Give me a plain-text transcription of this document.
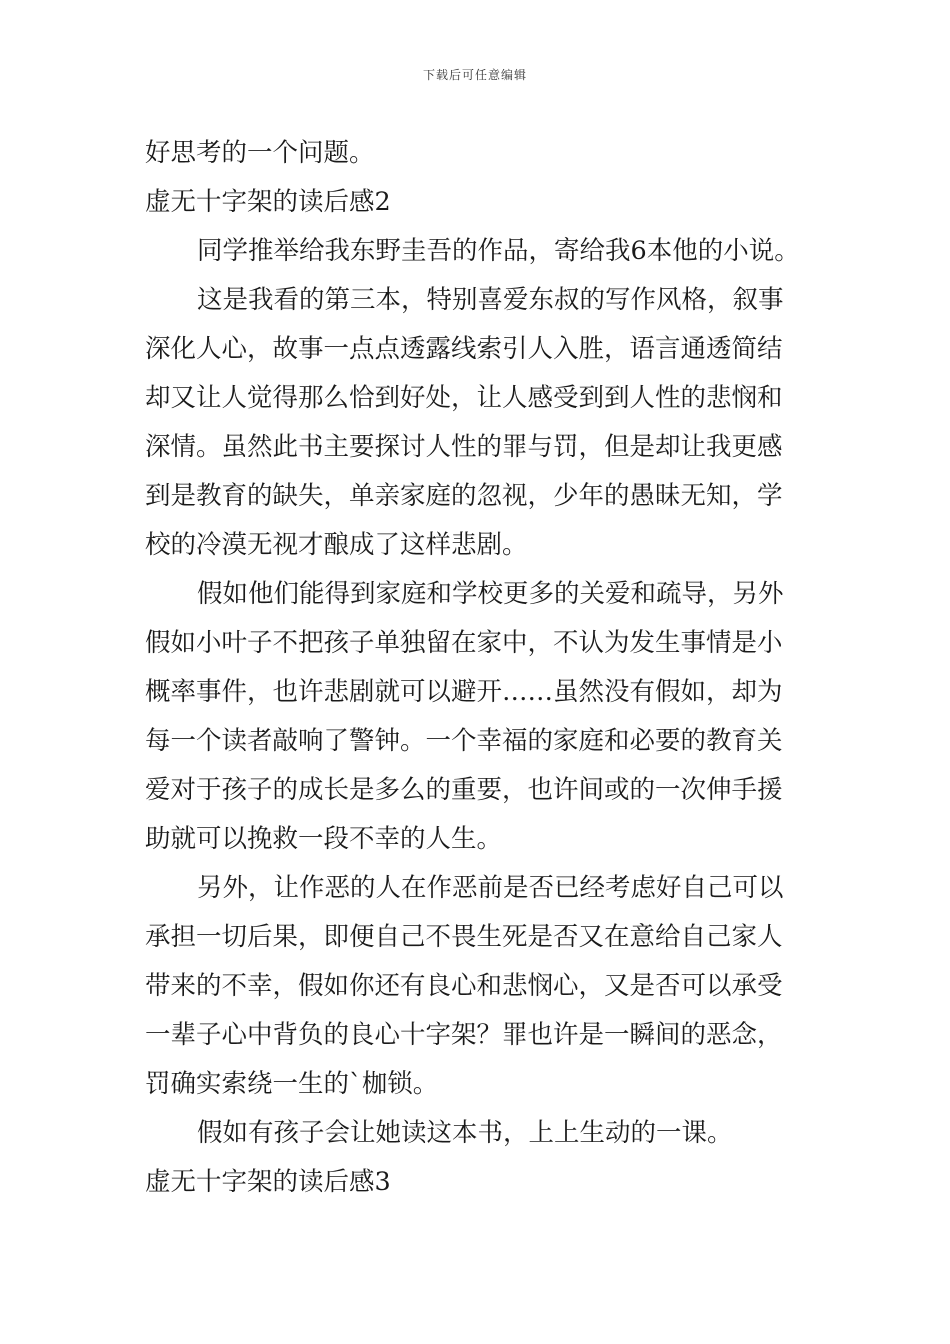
下载后可任意编辑
好思考的一个问题。
虚无十字架的读后感2
同学推举给我东野圭吾的作品，寄给我6本他的小说。
这是我看的第三本，特别喜爱东叔的写作风格，叙事
深化人心，故事一点点透露线索引人入胜，语言通透简结
却又让人觉得那么恰到好处，让人感受到到人性的悲悯和
深情。虽然此书主要探讨人性的罪与罚，但是却让我更感
到是教育的缺失，单亲家庭的忽视，少年的愚昧无知，学
校的冷漠无视才酿成了这样悲剧。
假如他们能得到家庭和学校更多的关爱和疏导，另外
假如小叶子不把孩子单独留在家中，不认为发生事情是小
概率事件，也许悲剧就可以避开……虽然没有假如，却为
每一个读者敲响了警钟。一个幸福的家庭和必要的教育关
爱对于孩子的成长是多么的重要，也许间或的一次伸手援
助就可以挽救一段不幸的人生。
另外，让作恶的人在作恶前是否已经考虑好自己可以
承担一切后果，即便自己不畏生死是否又在意给自己家人
带来的不幸，假如你还有良心和悲悯心，又是否可以承受
一辈子心中背负的良心十字架？罪也许是一瞬间的恶念，
罚确实索绕一生的`枷锁。
假如有孩子会让她读这本书，上上生动的一课。
虚无十字架的读后感3
